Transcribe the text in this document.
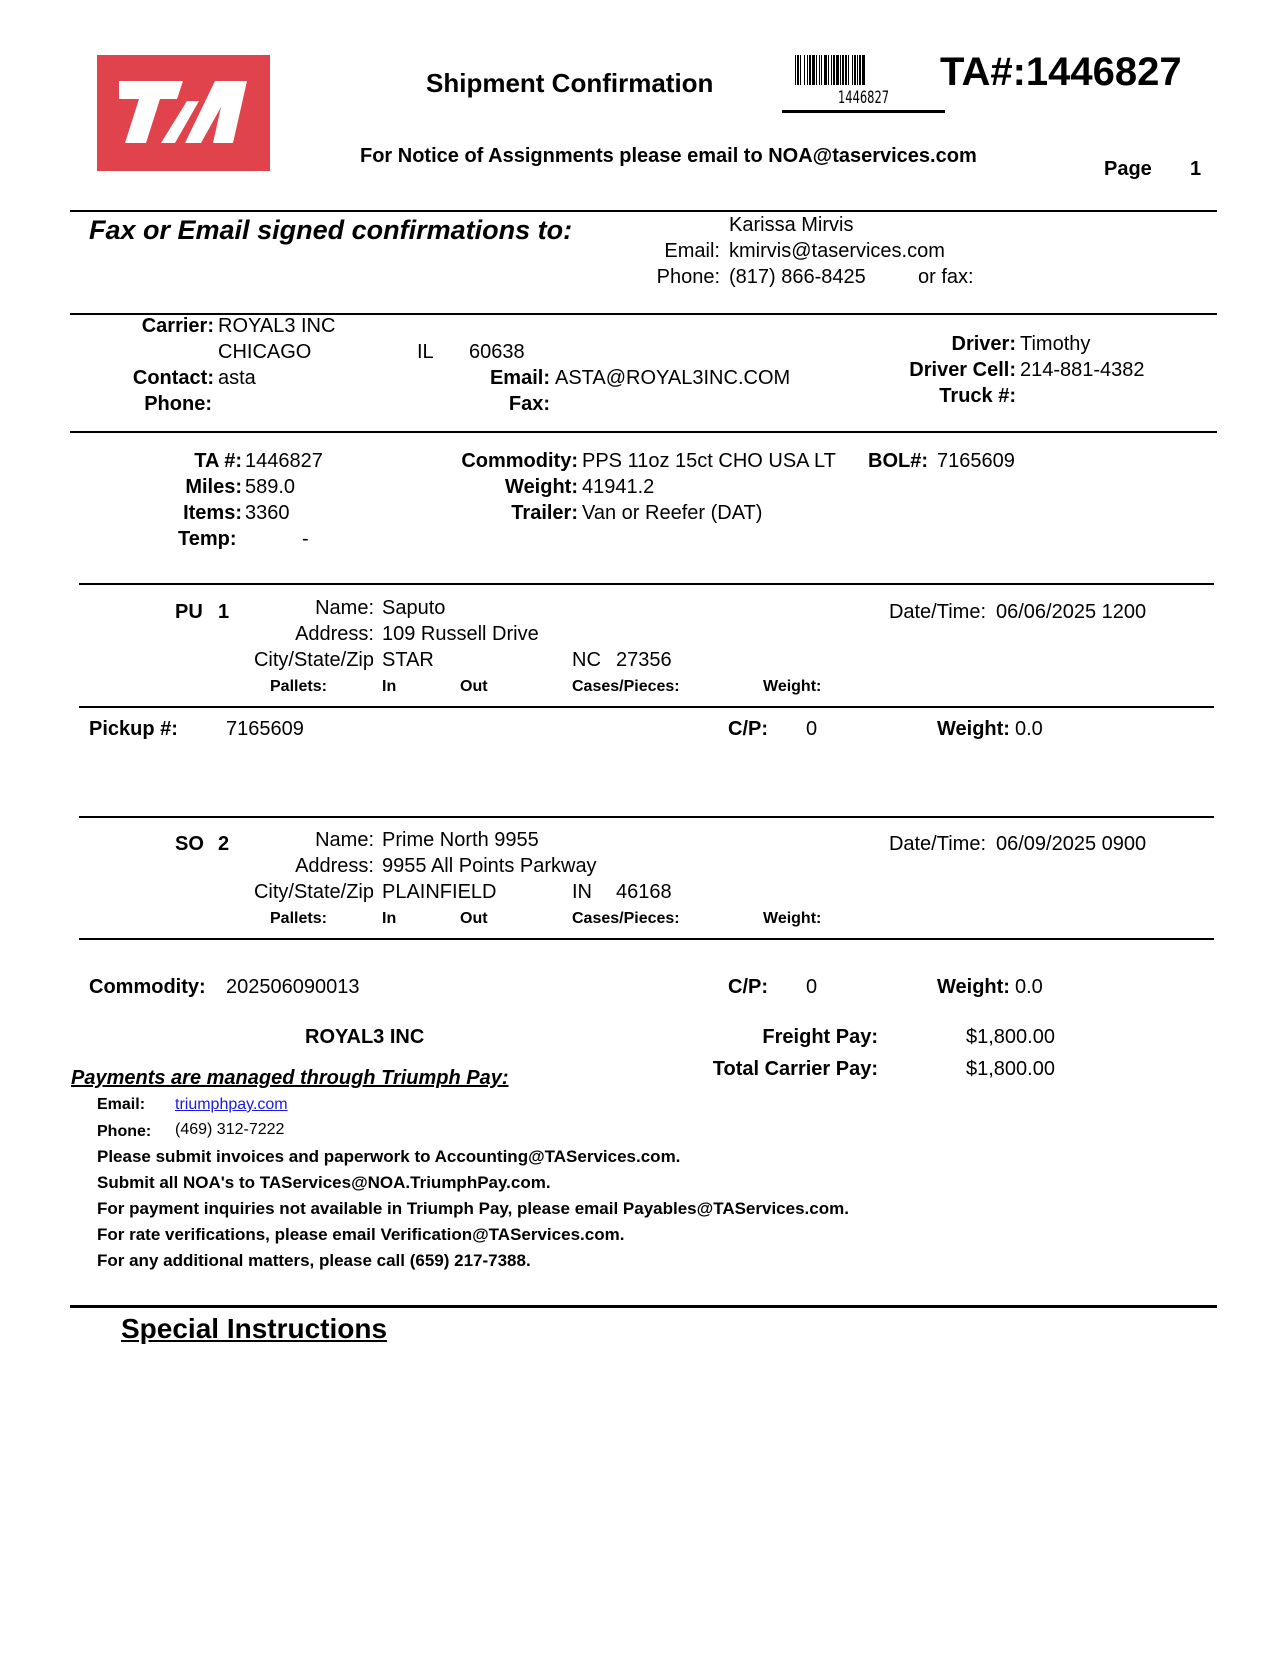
Shipment Confirmation	1446827
TA#:1446827
For Notice of Assignments please email to NOA@taservices.com
Page 1
Fax or Email signed confirmations to:	Karissa Mirvis
Email: kmirvis@taservices.com
Phone: (817) 866-8425	or fax:
Carrier: ROYAL3 INC
CHICAGO	IL 60638
Contact: asta
Phone:
Email: ASTA@ROYAL3INC.COM
Fax:
Driver: Timothy
Driver Cell: 214-881-4382
Truck #:
TA #: 1446827
Miles: 589.0
Items: 3360
Temp:	-
Commodity: PPS 11oz 15ct CHO USA LT
Weight: 41941.2
Trailer: Van or Reefer (DAT)
BOL#: 7165609
PU 1	Name: Saputo
Address: 109 Russell Drive
City/State/Zip STAR	NC 27356
Date/Time: 06/06/2025 1200
Pallets:	In	Out	Cases/Pieces:	Weight:
Pickup #: 7165609	C/P: 0	Weight: 0.0
SO 2	Name: Prime North 9955
Address: 9955 All Points Parkway
City/State/Zip PLAINFIELD	IN 46168
Date/Time: 06/09/2025 0900
Pallets:	In	Out	Cases/Pieces:	Weight:
Commodity: 202506090013	C/P: 0	Weight: 0.0
ROYAL3 INC	Freight Pay:	$1,800.00
Total Carrier Pay:	$1,800.00
Payments are managed through Triumph Pay:
Email: triumphpay.com
Phone: (469) 312-7222
Please submit invoices and paperwork to Accounting@TAServices.com.
Submit all NOA's to TAServices@NOA.TriumphPay.com.
For payment inquiries not available in Triumph Pay, please email Payables@TAServices.com.
For rate verifications, please email Verification@TAServices.com.
For any additional matters, please call (659) 217-7388.
Special Instructions
